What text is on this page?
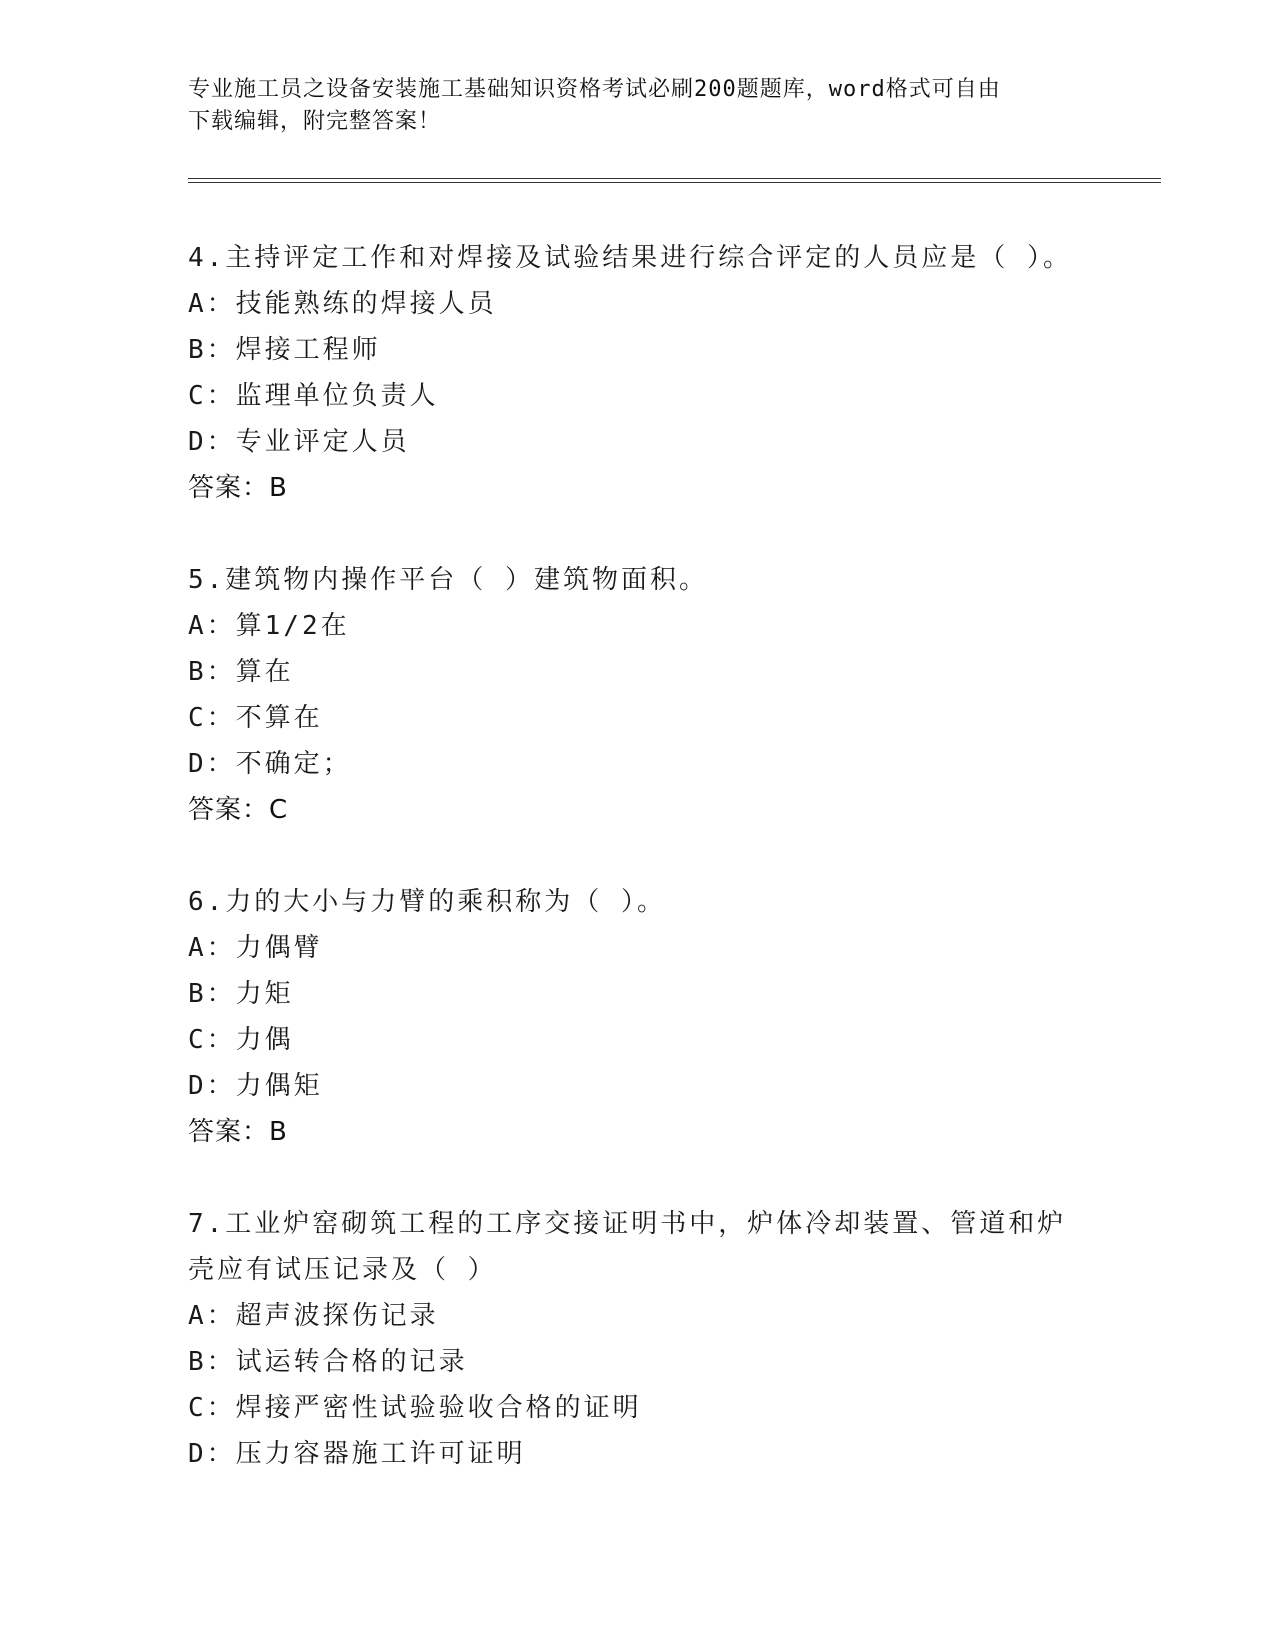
专业施工员之设备安装施工基础知识资格考试必刷200题题库，word格式可自由
下载编辑，附完整答案！
4.主持评定工作和对焊接及试验结果进行综合评定的人员应是（ ）。
A：技能熟练的焊接人员
B：焊接工程师
C：监理单位负责人
D：专业评定人员
答案：B
5.建筑物内操作平台（ ）建筑物面积。
A：算1/2在
B：算在
C：不算在
D：不确定；
答案：C
6.力的大小与力臂的乘积称为（ ）。
A：力偶臂
B：力矩
C：力偶
D：力偶矩
答案：B
7.工业炉窑砌筑工程的工序交接证明书中，炉体冷却装置、管道和炉壳应有试压记录及（ ）
A：超声波探伤记录
B：试运转合格的记录
C：焊接严密性试验验收合格的证明
D：压力容器施工许可证明
